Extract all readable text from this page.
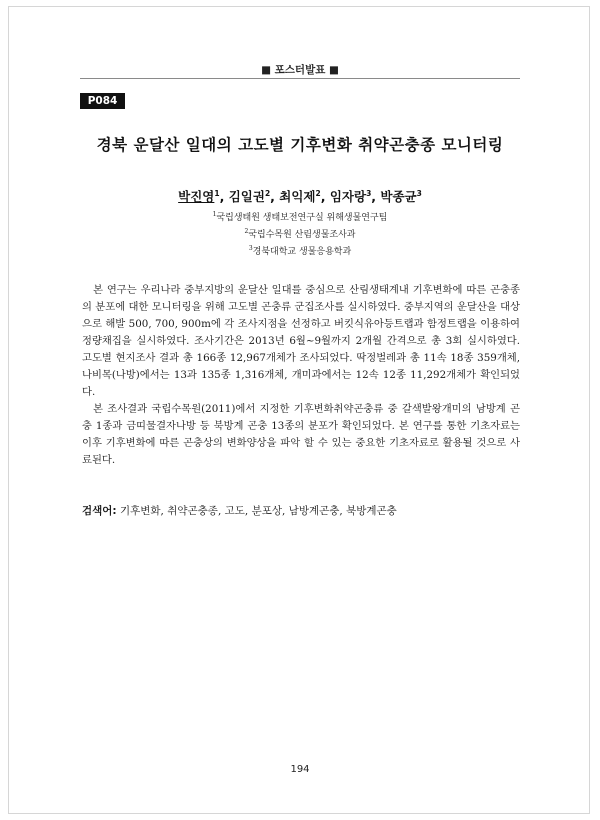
■ 포스터발표 ■
P084
경북 운달산 일대의 고도별 기후변화 취약곤충종 모니터링
박진영$^1$, 김일권$^2$, 최익제$^2$, 임자랑$^3$, 박종균$^3$
$^1$국립생태원 생태보전연구실 위해생물연구팀
$^2$국립수목원 산림생물조사과
$^3$경북대학교 생물응용학과

본 연구는 우리나라 중부지방의 운달산 일대를 중심으로 산림생태계내 기후변화에 따른 곤충종의 분포에 대한 모니터링을 위해 고도별 곤충류 군집조사를 실시하였다. 중부지역의 운달산을 대상으로 해발 500, 700, 900m에 각 조사지점을 선정하고 버킷식유아등트랩과 함정트랩을 이용하여 정량채집을 실시하였다. 조사기간은 2013년 6월∼9월까지 2개월 간격으로 총 3회 실시하였다. 고도별 현지조사 결과 총 166종 12,967개체가 조사되었다. 딱정벌레과 총 11속 18종 359개체, 나비목(나방)에서는 13과 135종 1,316개체, 개미과에서는 12속 12종 11,292개체가 확인되었다.

본 조사결과 국립수목원(2011)에서 지정한 기후변화취약곤충류 중 갈색발왕개미의 남방계 곤충 1종과 금띠물결자나방 등 북방계 곤충 13종의 분포가 확인되었다. 본 연구를 통한 기초자료는 이후 기후변화에 따른 곤충상의 변화양상을 파악 할 수 있는 중요한 기초자료로 활용될 것으로 사료된다.

검색어: 기후변화, 취약곤충종, 고도, 분포상, 남방계곤충, 북방계곤충
194
